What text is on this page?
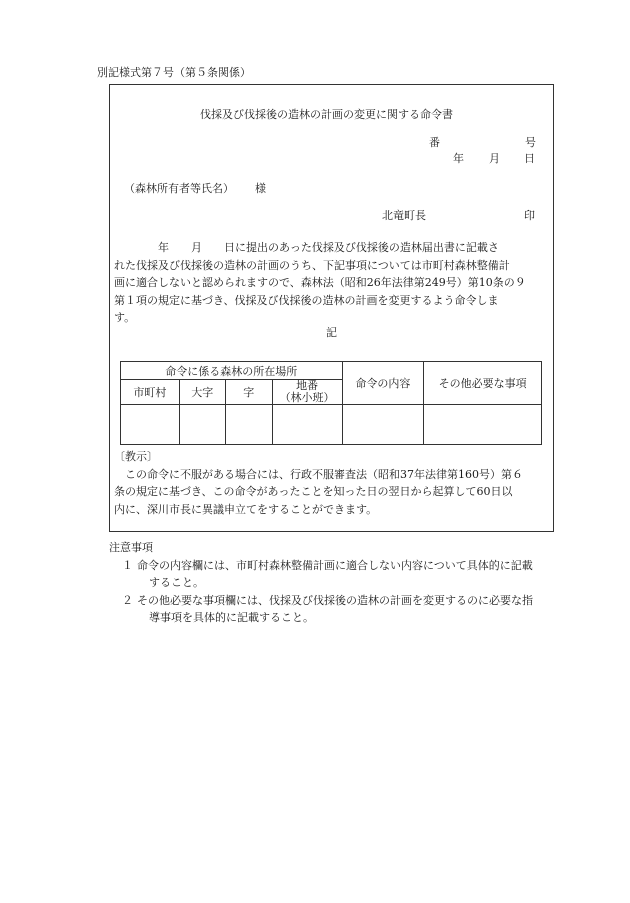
別記様式第７号（第５条関係）
伐採及び伐採後の造林の計画の変更に関する命令書
番	号
年 月 日
（森林所有者等氏名） 様
北竜町長	印
　　　　年　　月　　日に提出のあった伐採及び伐採後の造林届出書に記載さ
れた伐採及び伐採後の造林の計画のうち、下記事項については市町村森林整備計
画に適合しないと認められますので、森林法（昭和26年法律第249号）第10条の９
第１項の規定に基づき、伐採及び伐採後の造林の計画を変更するよう命令しま
す。
記
命令に係る森林の所在場所				命令の内容	その他必要な事項
市町村	大字	字	地番
（林小班）		

〔教示〕
　この命令に不服がある場合には、行政不服審査法（昭和37年法律第160号）第６
条の規定に基づき、この命令があったことを知った日の翌日から起算して60日以
内に、深川市長に異議申立てをすることができます。
注意事項
１ 命令の内容欄には、市町村森林整備計画に適合しない内容について具体的に記載
すること。
２ その他必要な事項欄には、伐採及び伐採後の造林の計画を変更するのに必要な指
導事項を具体的に記載すること。
